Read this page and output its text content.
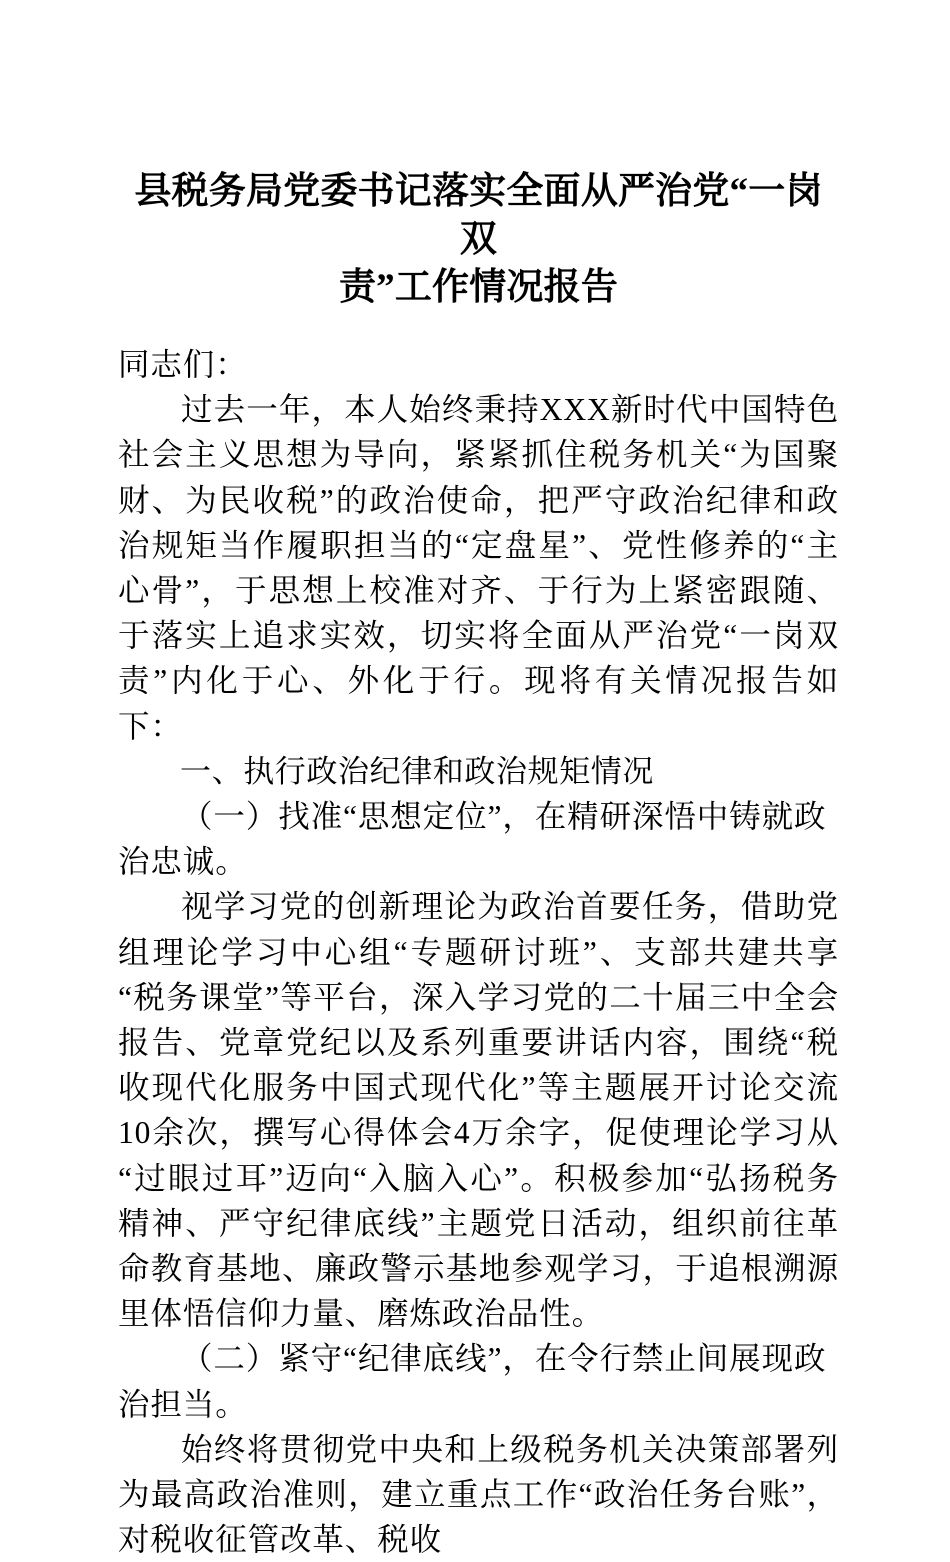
县税务局党委书记落实全面从严治党“一岗双
责”工作情况报告

同志们：

过去一年，本人始终秉持XXX新时代中国特色社会主义思想为导向，紧紧抓住税务机关“为国聚财、为民收税”的政治使命，把严守政治纪律和政治规矩当作履职担当的“定盘星”、党性修养的“主心骨”，于思想上校准对齐、于行为上紧密跟随、于落实上追求实效，切实将全面从严治党“一岗双责”内化于心、外化于行。现将有关情况报告如下：

一、执行政治纪律和政治规矩情况

（一）找准“思想定位”，在精研深悟中铸就政治忠诚。

视学习党的创新理论为政治首要任务，借助党组理论学习中心组“专题研讨班”、支部共建共享“税务课堂”等平台，深入学习党的二十届三中全会报告、党章党纪以及系列重要讲话内容，围绕“税收现代化服务中国式现代化”等主题展开讨论交流10余次，撰写心得体会4万余字，促使理论学习从“过眼过耳”迈向“入脑入心”。积极参加“弘扬税务精神、严守纪律底线”主题党日活动，组织前往革命教育基地、廉政警示基地参观学习，于追根溯源里体悟信仰力量、磨炼政治品性。

（二）紧守“纪律底线”，在令行禁止间展现政治担当。

始终将贯彻党中央和上级税务机关决策部署列为最高政治准则，建立重点工作“政治任务台账”，对税收征管改革、税收
